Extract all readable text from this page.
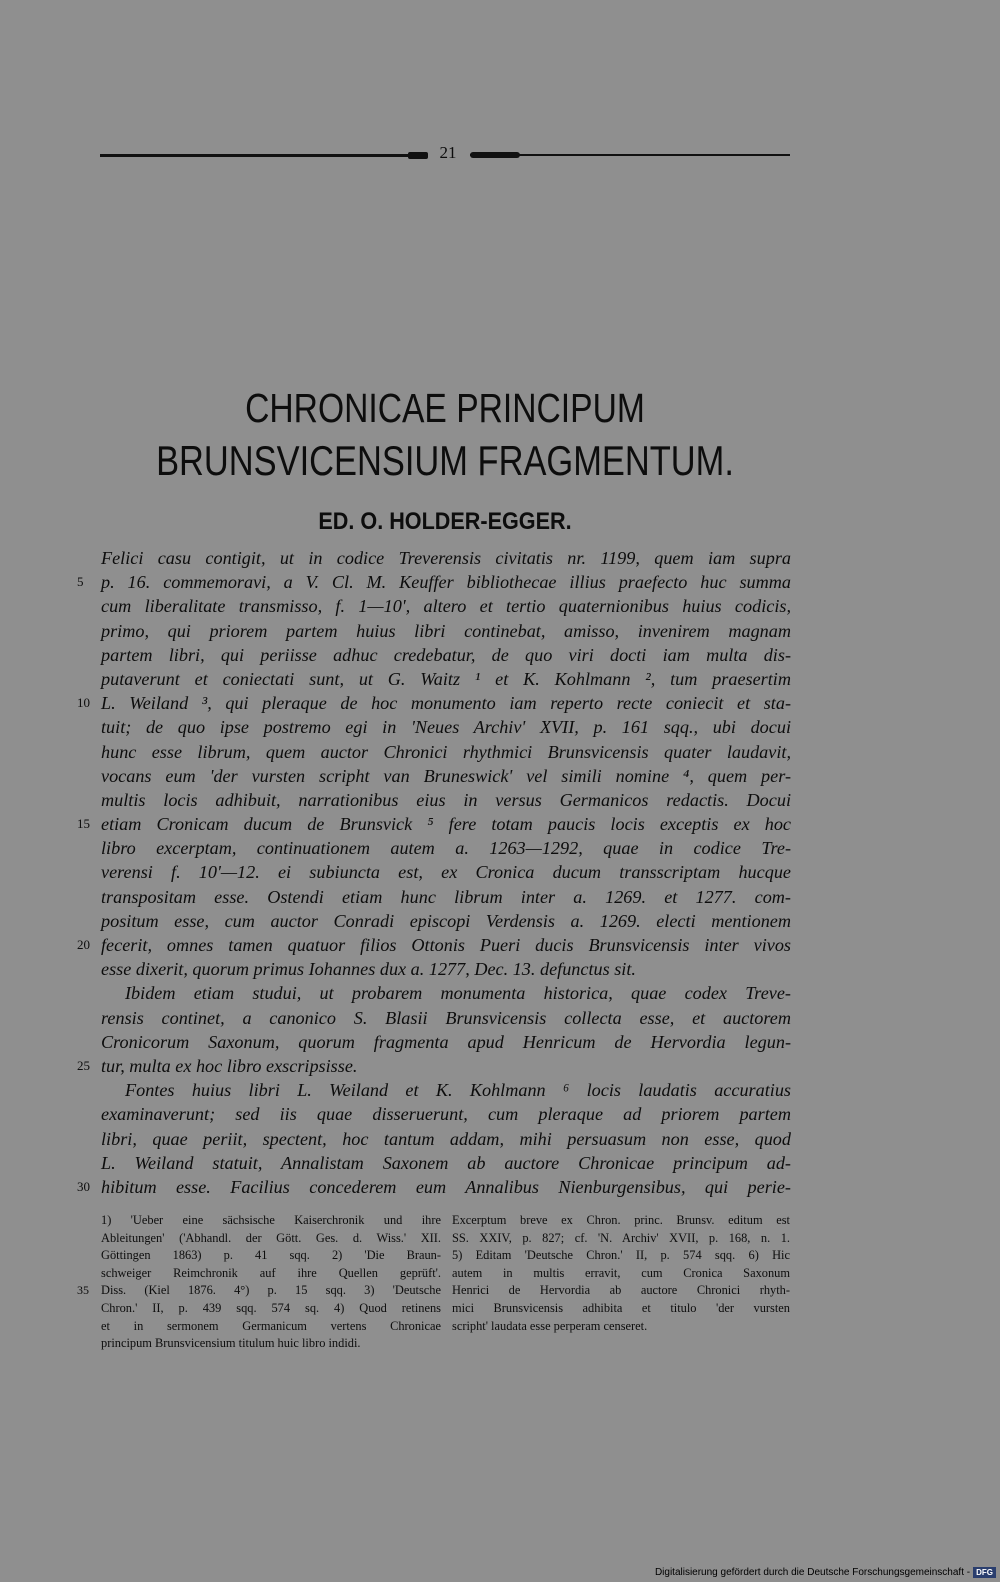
21
CHRONICAE PRINCIPUM
BRUNSVICENSIUM FRAGMENTUM.
ED. O. HOLDER-EGGER.
Felici casu contigit, ut in codice Treverensis civitatis nr. 1199, quem iam supra
5 p. 16. commemoravi, a V. Cl. M. Keuffer bibliothecae illius praefecto huc summa
cum liberalitate transmisso, f. 1—10', altero et tertio quaternionibus huius codicis,
primo, qui priorem partem huius libri continebat, amisso, invenirem magnam
partem libri, qui periisse adhuc credebatur, de quo viri docti iam multa dis-
putaverunt et coniectati sunt, ut G. Waitz ¹ et K. Kohlmann ², tum praesertim
10 L. Weiland ³, qui pleraque de hoc monumento iam reperto recte coniecit et sta-
tuit; de quo ipse postremo egi in 'Neues Archiv' XVII, p. 161 sqq., ubi docui
hunc esse librum, quem auctor Chronici rhythmici Brunsvicensis quater laudavit,
vocans eum 'der vursten scripht van Bruneswick' vel simili nomine ⁴, quem per-
multis locis adhibuit, narrationibus eius in versus Germanicos redactis. Docui
15 etiam Cronicam ducum de Brunsvick ⁵ fere totam paucis locis exceptis ex hoc
libro excerptam, continuationem autem a. 1263—1292, quae in codice Tre-
verensi f. 10'—12. ei subiuncta est, ex Cronica ducum transscriptam hucque
transpositam esse. Ostendi etiam hunc librum inter a. 1269. et 1277. com-
positum esse, cum auctor Conradi episcopi Verdensis a. 1269. electi mentionem
20 fecerit, omnes tamen quatuor filios Ottonis Pueri ducis Brunsvicensis inter vivos
esse dixerit, quorum primus Iohannes dux a. 1277, Dec. 13. defunctus sit.
Ibidem etiam studui, ut probarem monumenta historica, quae codex Treve-
rensis continet, a canonico S. Blasii Brunsvicensis collecta esse, et auctorem
Cronicorum Saxonum, quorum fragmenta apud Henricum de Hervordia legun-
25 tur, multa ex hoc libro exscripsisse.
Fontes huius libri L. Weiland et K. Kohlmann ⁶ locis laudatis accuratius
examinaverunt; sed iis quae disseruerunt, cum pleraque ad priorem partem
libri, quae periit, spectent, hoc tantum addam, mihi persuasum non esse, quod
L. Weiland statuit, Annalistam Saxonem ab auctore Chronicae principum ad-
30 hibitum esse. Facilius concederem eum Annalibus Nienburgensibus, qui perie-
1) 'Ueber eine sächsische Kaiserchronik und ihre
Ableitungen' ('Abhandl. der Gött. Ges. d. Wiss.' XII.
Göttingen 1863) p. 41 sqq. 2) 'Die Braun-
schweiger Reimchronik auf ihre Quellen geprüft'.
35 Diss. (Kiel 1876. 4°) p. 15 sqq. 3) 'Deutsche
Chron.' II, p. 439 sqq. 574 sq. 4) Quod retinens
et in sermonem Germanicum vertens Chronicae
principum Brunsvicensium titulum huic libro indidi.
Excerptum breve ex Chron. princ. Brunsv. editum est
SS. XXIV, p. 827; cf. 'N. Archiv' XVII, p. 168, n. 1.
5) Editam 'Deutsche Chron.' II, p. 574 sqq. 6) Hic
autem in multis erravit, cum Cronica Saxonum
Henrici de Hervordia ab auctore Chronici rhyth-
mici Brunsvicensis adhibita et titulo 'der vursten
scripht' laudata esse perperam censeret.
Digitalisierung gefördert durch die Deutsche Forschungsgemeinschaft - DFG
